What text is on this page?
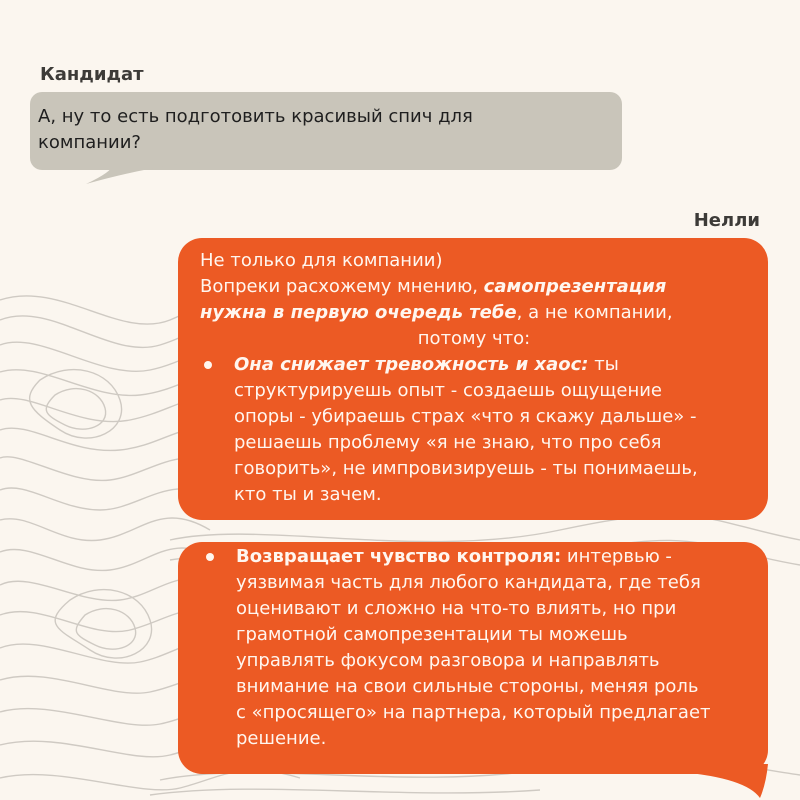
Кандидат
А, ну то есть подготовить красивый спич для
компании?
Нелли
Не только для компании)
Вопреки расхожему мнению, самопрезентация
нужна в первую очередь тебе, а не компании,
потому что:
Она снижает тревожность и хаос: ты
структурируешь опыт - создаешь ощущение
опоры - убираешь страх «что я скажу дальше» -
решаешь проблему «я не знаю, что про себя
говорить», не импровизируешь - ты понимаешь,
кто ты и зачем.
Возвращает чувство контроля: интервью -
уязвимая часть для любого кандидата, где тебя
оценивают и сложно на что-то влиять, но при
грамотной самопрезентации ты можешь
управлять фокусом разговора и направлять
внимание на свои сильные стороны, меняя роль
с «просящего» на партнера, который предлагает
решение.
